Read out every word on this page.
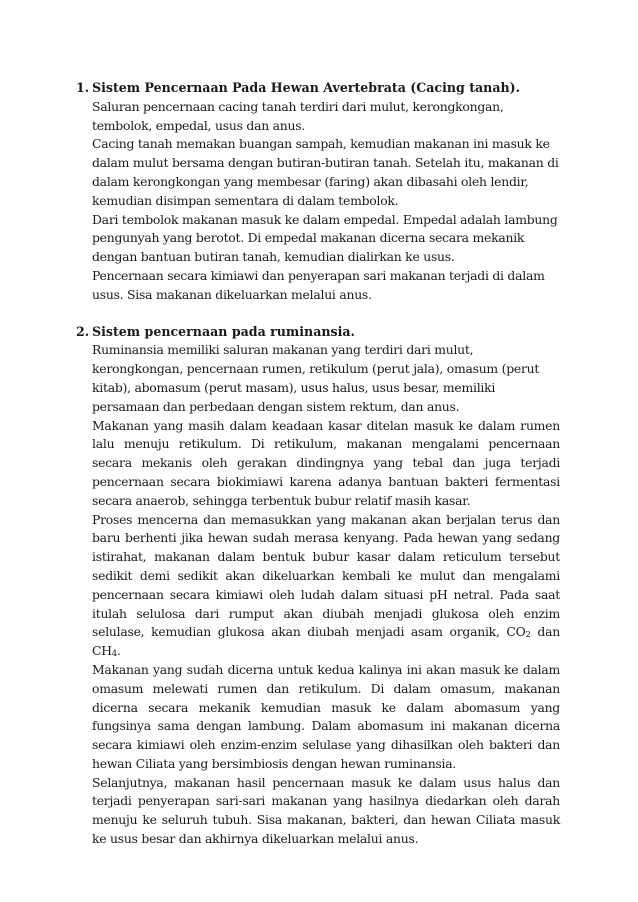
1. Sistem Pencernaan Pada Hewan Avertebrata (Cacing tanah).

Saluran pencernaan cacing tanah terdiri dari mulut, kerongkongan, tembolok, empedal, usus dan anus.

Cacing tanah memakan buangan sampah, kemudian makanan ini masuk ke dalam mulut bersama dengan butiran-butiran tanah. Setelah itu, makanan di dalam kerongkongan yang membesar (faring) akan dibasahi oleh lendir, kemudian disimpan sementara di dalam tembolok.

Dari tembolok makanan masuk ke dalam empedal. Empedal adalah lambung pengunyah yang berotot. Di empedal makanan dicerna secara mekanik dengan bantuan butiran tanah, kemudian dialirkan ke usus.

Pencernaan secara kimiawi dan penyerapan sari makanan terjadi di dalam usus. Sisa makanan dikeluarkan melalui anus.

2. Sistem pencernaan pada ruminansia.

Ruminansia memiliki saluran makanan yang terdiri dari mulut, kerongkongan, pencernaan rumen, retikulum (perut jala), omasum (perut kitab), abomasum (perut masam), usus halus, usus besar, memiliki persamaan dan perbedaan dengan sistem rektum, dan anus.

Makanan yang masih dalam keadaan kasar ditelan masuk ke dalam rumen lalu menuju retikulum. Di retikulum, makanan mengalami pencernaan secara mekanis oleh gerakan dindingnya yang tebal dan juga terjadi pencernaan secara biokimiawi karena adanya bantuan bakteri fermentasi secara anaerob, sehingga terbentuk bubur relatif masih kasar.

Proses mencerna dan memasukkan yang makanan akan berjalan terus dan baru berhenti jika hewan sudah merasa kenyang. Pada hewan yang sedang istirahat, makanan dalam bentuk bubur kasar dalam reticulum tersebut sedikit demi sedikit akan dikeluarkan kembali ke mulut dan mengalami pencernaan secara kimiawi oleh ludah dalam situasi pH netral. Pada saat itulah selulosa dari rumput akan diubah menjadi glukosa oleh enzim selulase, kemudian glukosa akan diubah menjadi asam organik, $CO_2$ dan $CH_4$.

Makanan yang sudah dicerna untuk kedua kalinya ini akan masuk ke dalam omasum melewati rumen dan retikulum. Di dalam omasum, makanan dicerna secara mekanik kemudian masuk ke dalam abomasum yang fungsinya sama dengan lambung. Dalam abomasum ini makanan dicerna secara kimiawi oleh enzim-enzim selulase yang dihasilkan oleh bakteri dan hewan Ciliata yang bersimbiosis dengan hewan ruminansia.

Selanjutnya, makanan hasil pencernaan masuk ke dalam usus halus dan terjadi penyerapan sari-sari makanan yang hasilnya diedarkan oleh darah menuju ke seluruh tubuh. Sisa makanan, bakteri, dan hewan Ciliata masuk ke usus besar dan akhirnya dikeluarkan melalui anus.
